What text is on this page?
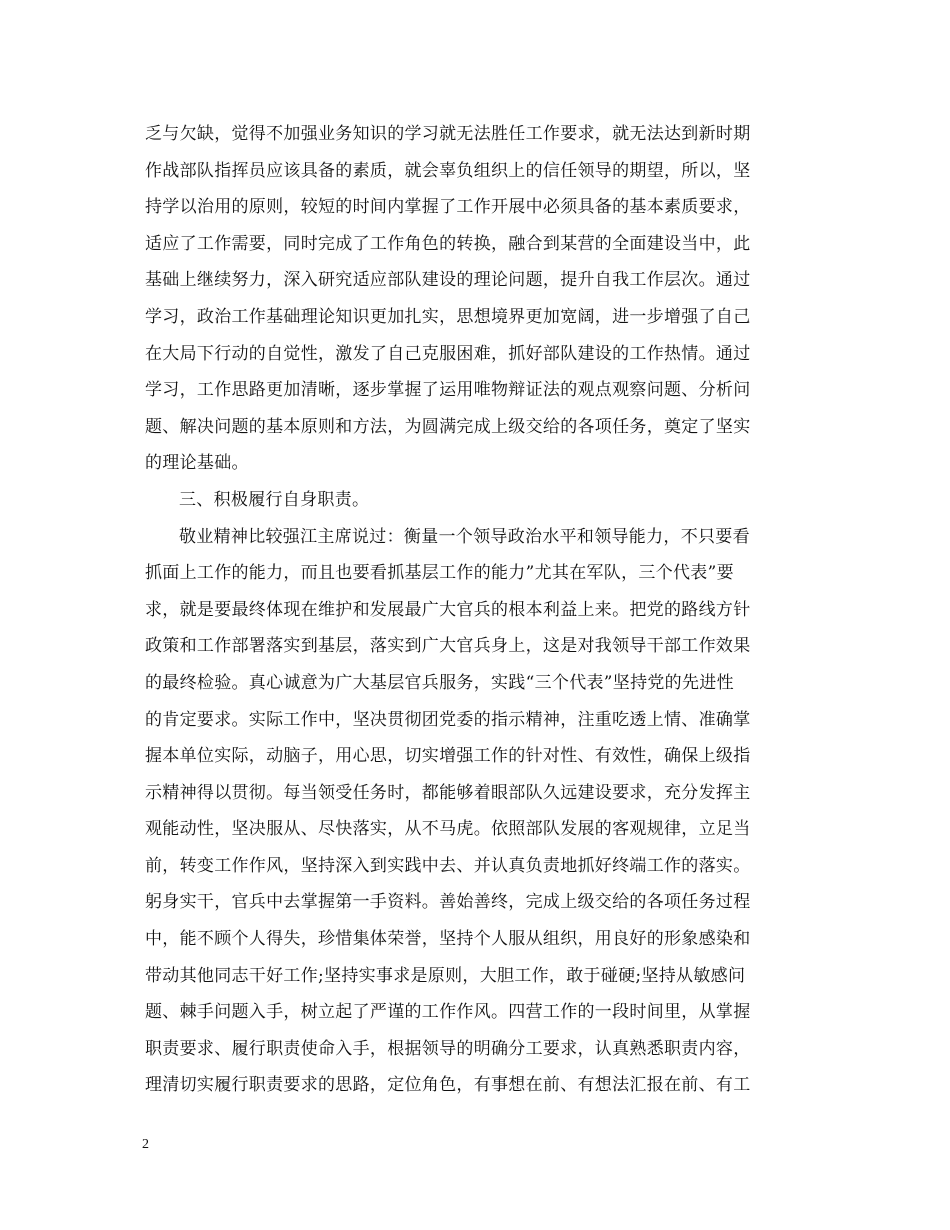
乏与欠缺，觉得不加强业务知识的学习就无法胜任工作要求，就无法达到新时期
作战部队指挥员应该具备的素质，就会辜负组织上的信任领导的期望，所以，坚
持学以治用的原则，较短的时间内掌握了工作开展中必须具备的基本素质要求，
适应了工作需要，同时完成了工作角色的转换，融合到某营的全面建设当中，此
基础上继续努力，深入研究适应部队建设的理论问题，提升自我工作层次。通过
学习，政治工作基础理论知识更加扎实，思想境界更加宽阔，进一步增强了自己
在大局下行动的自觉性，激发了自己克服困难，抓好部队建设的工作热情。通过
学习，工作思路更加清晰，逐步掌握了运用唯物辩证法的观点观察问题、分析问
题、解决问题的基本原则和方法，为圆满完成上级交给的各项任务，奠定了坚实
的理论基础。
三、积极履行自身职责。
敬业精神比较强江主席说过：衡量一个领导政治水平和领导能力，不只要看
抓面上工作的能力，而且也要看抓基层工作的能力”尤其在军队，三个代表”要
求，就是要最终体现在维护和发展最广大官兵的根本利益上来。把党的路线方针
政策和工作部署落实到基层，落实到广大官兵身上，这是对我领导干部工作效果
的最终检验。真心诚意为广大基层官兵服务，实践“三个代表”坚持党的先进性
的肯定要求。实际工作中，坚决贯彻团党委的指示精神，注重吃透上情、准确掌
握本单位实际，动脑子，用心思，切实增强工作的针对性、有效性，确保上级指
示精神得以贯彻。每当领受任务时，都能够着眼部队久远建设要求，充分发挥主
观能动性，坚决服从、尽快落实，从不马虎。依照部队发展的客观规律，立足当
前，转变工作作风，坚持深入到实践中去、并认真负责地抓好终端工作的落实。
躬身实干，官兵中去掌握第一手资料。善始善终，完成上级交给的各项任务过程
中，能不顾个人得失，珍惜集体荣誉，坚持个人服从组织，用良好的形象感染和
带动其他同志干好工作;坚持实事求是原则，大胆工作，敢于碰硬;坚持从敏感问
题、棘手问题入手，树立起了严谨的工作作风。四营工作的一段时间里，从掌握
职责要求、履行职责使命入手，根据领导的明确分工要求，认真熟悉职责内容，
理清切实履行职责要求的思路，定位角色，有事想在前、有想法汇报在前、有工
2
